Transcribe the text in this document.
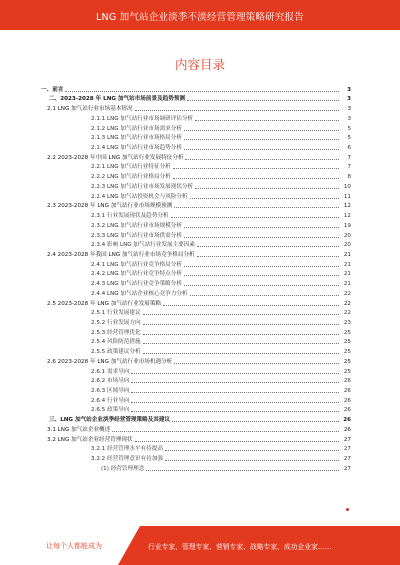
LNG 加气站企业淡季不淡经营管理策略研究报告
内容目录
一、前言	3
二、2023-2028 年 LNG 加气站市场前景及趋势预测	3
2.1 LNG 加气站行业市场基本情况	3
2.1.1 LNG 加气站行业市场调研评估分析	3
2.1.2 LNG 加气站行业市场需求分析	5
2.1.3 LNG 加气站行业市场格局分析	5
2.1.4 LNG 加气站行业市场趋势分析	6
2.2 2023-2028 年中国 LNG 加气站行业发展特征分析	7
2.2.1 LNG 加气站行业特征分析	7
2.2.2 LNG 加气站行业格局分析	8
2.2.3 LNG 加气站行业市场发展现状分析	10
2.2.4 LNG 加气站投资机会与风险分析	11
2.3 2023-2028 年 LNG 加气站行业市场规模预测	12
2.3.1 行业发展现状及趋势分析	12
2.3.2 LNG 加气站行业市场规模分析	19
2.3.3 LNG 加气站行业市场供需分析	20
2.3.4 影响 LNG 加气站行业发展主要因素	20
2.4 2023-2028 年我国 LNG 加气站行业市场竞争格局分析	21
2.4.1 LNG 加气站行业竞争格局分析	21
2.4.2 LNG 加气站行业竞争特点分析	21
2.4.3 LNG 加气站行业竞争策略分析	21
2.4.4 LNG 加气站企业核心竞争力分析	22
2.5 2023-2028 年 LNG 加气站行业发展策略	22
2.5.1 行业发展建议	22
2.5.2 行业发展方向	23
2.5.3 经营管理优化	25
2.5.4 风险防范措施	25
2.5.5 政策建议分析	25
2.6 2023-2028 年 LNG 加气站行业市场机遇分析	25
2.6.1 需求导向	25
2.6.2 市场导向	26
2.6.3 区域导向	26
2.6.4 行业导向	26
2.6.5 政策导向	26
三、LNG 加气站企业淡季经营管理策略及其建议	26
3.1 LNG 加气站企业概述	26
3.2 LNG 加气站企业经营管理现状	27
3.2.1 经营管理水平有待提高	27
3.2.2 经营管理意识有待加强	27
(1) 经营管理理念	27
让每个人都能成为	行业专家、管理专家、营销专家、战略专家、成功企业家……
